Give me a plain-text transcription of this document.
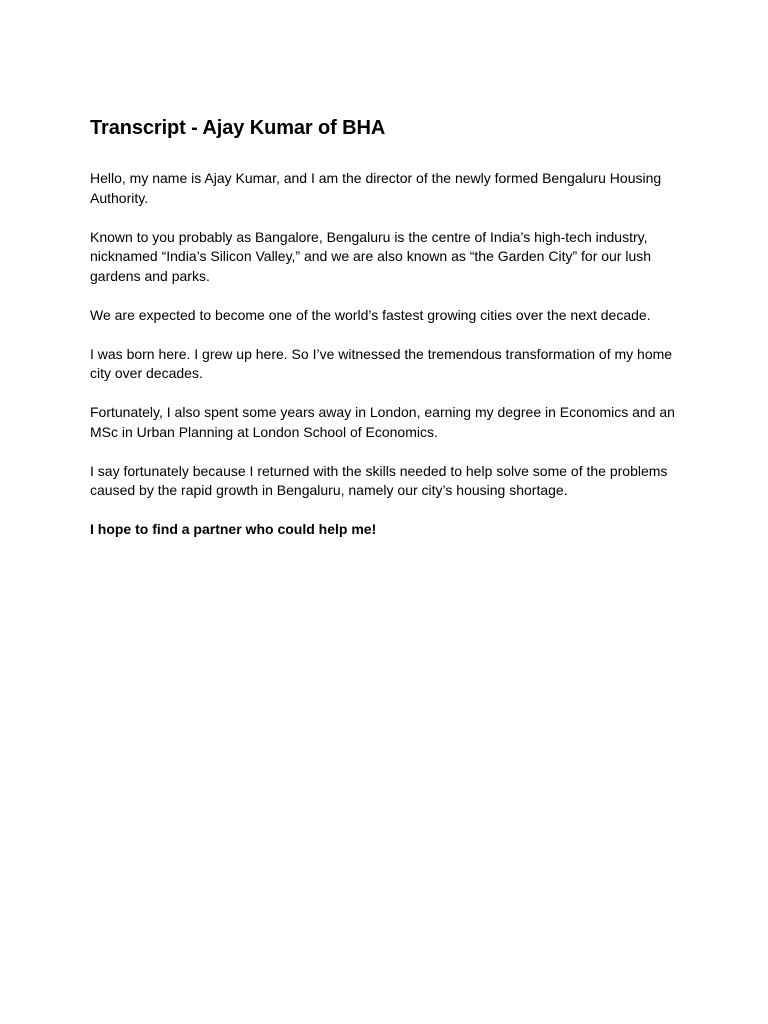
Transcript - Ajay Kumar of BHA

Hello, my name is Ajay Kumar, and I am the director of the newly formed Bengaluru Housing Authority.

Known to you probably as Bangalore, Bengaluru is the centre of India’s high-tech industry, nicknamed “India’s Silicon Valley,” and we are also known as “the Garden City” for our lush gardens and parks.

We are expected to become one of the world’s fastest growing cities over the next decade.

I was born here. I grew up here. So I’ve witnessed the tremendous transformation of my home city over decades.

Fortunately, I also spent some years away in London, earning my degree in Economics and an MSc in Urban Planning at London School of Economics.

I say fortunately because I returned with the skills needed to help solve some of the problems caused by the rapid growth in Bengaluru, namely our city’s housing shortage.

I hope to find a partner who could help me!
